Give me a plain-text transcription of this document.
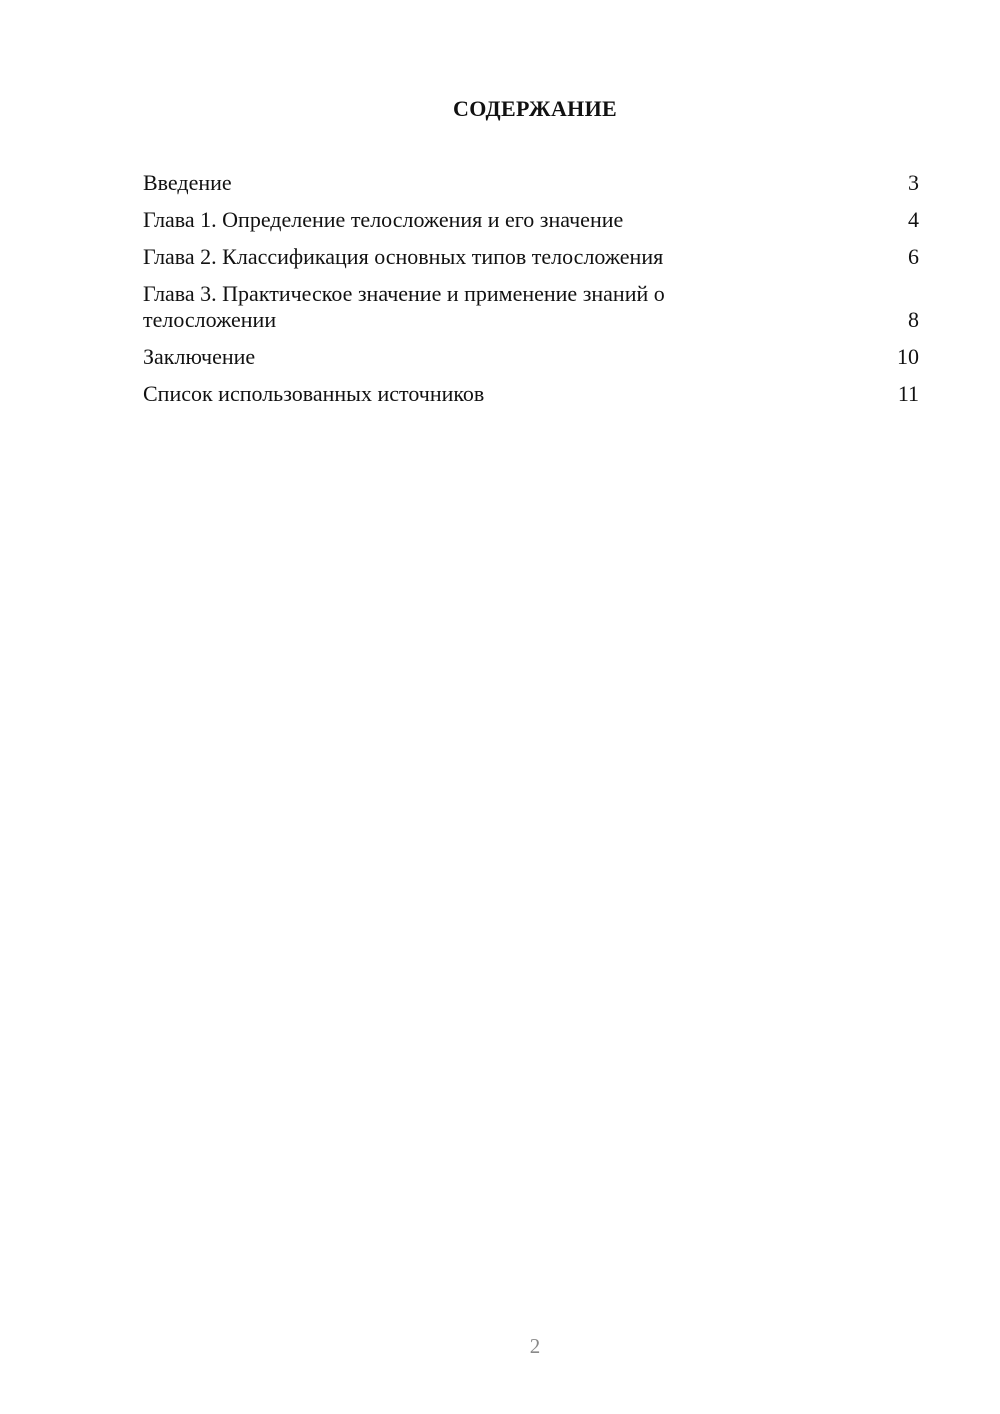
СОДЕРЖАНИЕ
Введение	3
Глава 1. Определение телосложения и его значение	4
Глава 2. Классификация основных типов телосложения	6
Глава 3. Практическое значение и применение знаний о телосложении	8
Заключение	10
Список использованных источников	11
2
